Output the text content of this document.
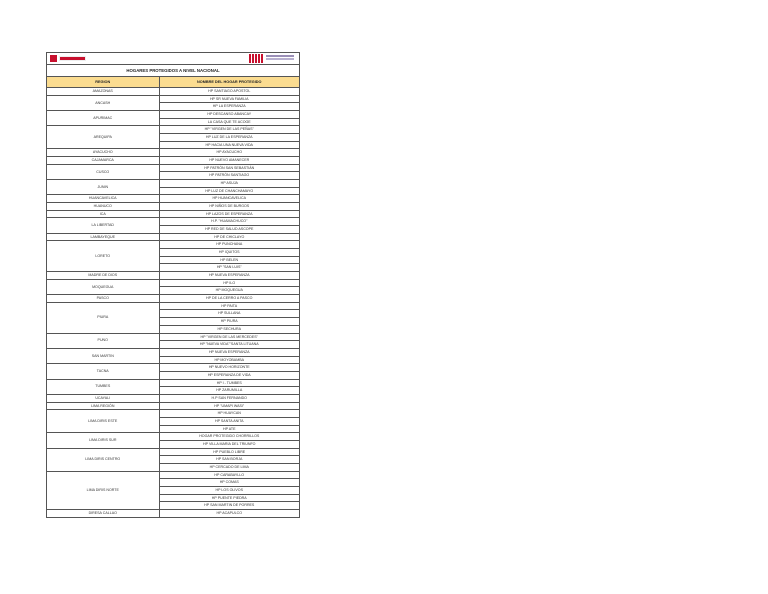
HOGARES PROTEGIDOS A NIVEL NACIONAL
REGION	NOMBRE DEL HOGAR PROTEGIDO
AMAZONAS	HP SANTIAGO APOSTOL
ANCASH	HP SR NUEVA FAMILIA
	HP LA ESPERANZA
APURIMAC	HP DESCANSO ABANCAY
	LA CASA QUE TE ACOGE
AREQUIPA	HP "VIRGEN DE LAS PEÑAS"
	HP LUZ DE LA ESPERANZA
	HP HACIA UNA NUEVA VIDA
AYACUCHO	HP AYACUCHO
CAJAMARCA	HP NUEVO AMANECER
CUSCO	HP PATRÓN SAN SEBASTIÁN
	HP PATRÓN SANTIAGO
JUNIN	HP ASUJA
	HP LUZ DE CHANCHAMAYO
HUANCAVELICA	HP HUANCAVELICA
HUANUCO	HP NIÑOS DE BURGOS
ICA	HP LAZOS DE ESPERANZA
LA LIBERTAD	H.P. "HUAMACHUCO"
	HP RED DE SALUD ASCOPE
LAMBAYEQUE	HP DE CHICLAYO
LORETO	HP PUNCHANA
	HP IQUITOS
	HP BELEN
	HP "SAN LUIS"
MADRE DE DIOS	HP NUEVA ESPERANZA
MOQUEGUA	HP ILO
	HP MOQUEGUA
PASCO	HP DE LA CERRO A PASCO
PIURA	HP PAITA
	HP SULLANA
	HP PIURA
	HP SECHURA
PUNO	HP "VIRGEN DE LAS MERCEDES"
	HP "NUEVA VIDA""SANTA LITUANA
SAN MARTIN	HP NUEVA ESPERANZA
	HP MOYOBAMBA
TACNA	HP NUEVO HORIZONTE
	HP ESPERANZA DE VIDA
TUMBES	HP I - TUMBES
	HP ZARUMILLA
UCAYALI	H.P SAN FERNANDO
LIMA REGIÓN	HP "UMAPI WASI"
LIMA DIRIS ESTE	HP HUAYCAN
	HP SANTA ANITA
	HP ATE
LIMA DIRIS SUR	HOGAR PROTEGIDO CHORRILLOS
	HP VILLA MARIA DEL TRIUNFO
LIMA DIRIS CENTRO	HP PUEBLO LIBRE
	HP SAN BORJA
	HP CERCADO DE LIMA
LIMA DIRIS NORTE	HP CARABAYLLO
	HP COMAS
	HP LOS OLIVOS
	HP PUENTE PIEDRA
	HP SAN MARTIN DE PORRES
DIRESA CALLAO	HP ACAPULCO
